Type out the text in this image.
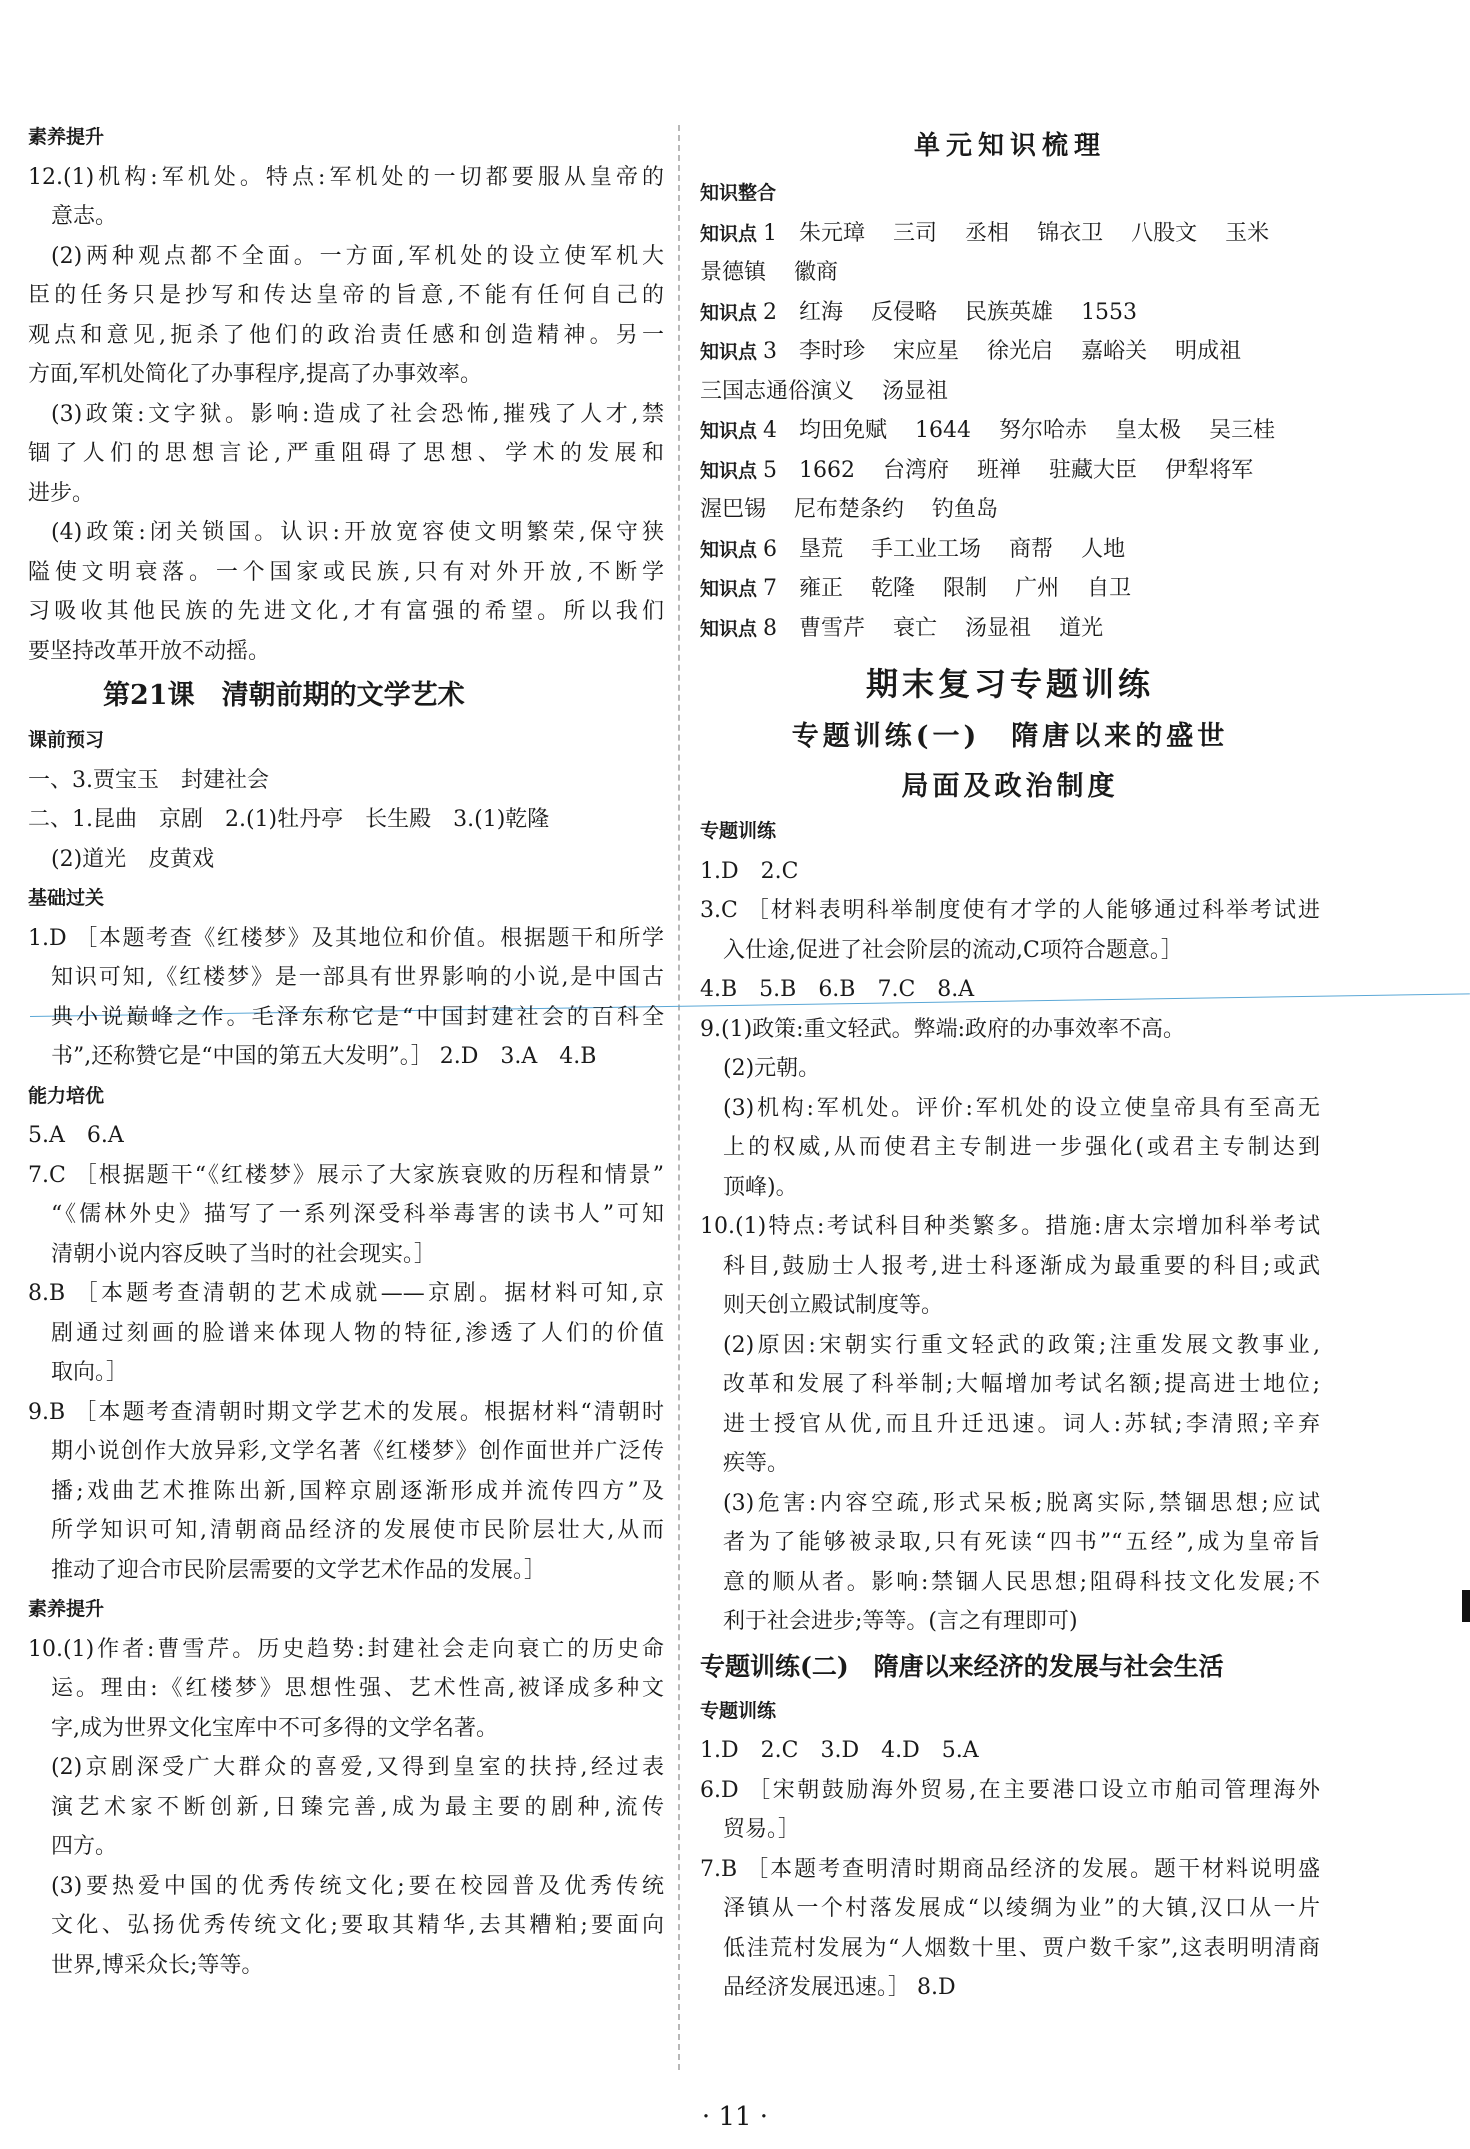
素养提升
12.(1)机构:军机处。特点:军机处的一切都要服从皇帝的
意志。
(2)两种观点都不全面。一方面,军机处的设立使军机大
臣的任务只是抄写和传达皇帝的旨意,不能有任何自己的
观点和意见,扼杀了他们的政治责任感和创造精神。另一
方面,军机处简化了办事程序,提高了办事效率。
(3)政策:文字狱。影响:造成了社会恐怖,摧残了人才,禁
锢了人们的思想言论,严重阻碍了思想、学术的发展和
进步。
(4)政策:闭关锁国。认识:开放宽容使文明繁荣,保守狭
隘使文明衰落。一个国家或民族,只有对外开放,不断学
习吸收其他民族的先进文化,才有富强的希望。所以我们
要坚持改革开放不动摇。
第21课　清朝前期的文学艺术
课前预习
一、3.贾宝玉　封建社会
二、1.昆曲　京剧　2.(1)牡丹亭　长生殿　3.(1)乾隆
(2)道光　皮黄戏
基础过关
1.D ［本题考查《红楼梦》及其地位和价值。根据题干和所学
知识可知,《红楼梦》是一部具有世界影响的小说,是中国古
典小说巅峰之作。毛泽东称它是“中国封建社会的百科全
书”,还称赞它是“中国的第五大发明”。］ 2.D　3.A　4.B
能力培优
5.A　6.A
7.C ［根据题干“《红楼梦》展示了大家族衰败的历程和情景”
“《儒林外史》描写了一系列深受科举毒害的读书人”可知
清朝小说内容反映了当时的社会现实。］
8.B ［本题考查清朝的艺术成就——京剧。据材料可知,京
剧通过刻画的脸谱来体现人物的特征,渗透了人们的价值
取向。］
9.B ［本题考查清朝时期文学艺术的发展。根据材料“清朝时
期小说创作大放异彩,文学名著《红楼梦》创作面世并广泛传
播;戏曲艺术推陈出新,国粹京剧逐渐形成并流传四方”及
所学知识可知,清朝商品经济的发展使市民阶层壮大,从而
推动了迎合市民阶层需要的文学艺术作品的发展。］
素养提升
10.(1)作者:曹雪芹。历史趋势:封建社会走向衰亡的历史命
运。理由:《红楼梦》思想性强、艺术性高,被译成多种文
字,成为世界文化宝库中不可多得的文学名著。
(2)京剧深受广大群众的喜爱,又得到皇室的扶持,经过表
演艺术家不断创新,日臻完善,成为最主要的剧种,流传
四方。
(3)要热爱中国的优秀传统文化;要在校园普及优秀传统
文化、弘扬优秀传统文化;要取其精华,去其糟粕;要面向
世界,博采众长;等等。
单元知识梳理
知识整合
知识点 1 朱元璋 三司 丞相 锦衣卫 八股文 玉米
景德镇 徽商
知识点 2 红海 反侵略 民族英雄 1553
知识点 3 李时珍 宋应星 徐光启 嘉峪关 明成祖
三国志通俗演义 汤显祖
知识点 4 均田免赋 1644 努尔哈赤 皇太极 吴三桂
知识点 5 1662 台湾府 班禅 驻藏大臣 伊犁将军
渥巴锡 尼布楚条约 钓鱼岛
知识点 6 垦荒 手工业工场 商帮 人地
知识点 7 雍正 乾隆 限制 广州 自卫
知识点 8 曹雪芹 衰亡 汤显祖 道光
期末复习专题训练
专题训练(一)　隋唐以来的盛世
局面及政治制度
专题训练
1.D　2.C
3.C ［材料表明科举制度使有才学的人能够通过科举考试进
入仕途,促进了社会阶层的流动,C项符合题意。］
4.B　5.B　6.B　7.C　8.A
9.(1)政策:重文轻武。弊端:政府的办事效率不高。
(2)元朝。
(3)机构:军机处。评价:军机处的设立使皇帝具有至高无
上的权威,从而使君主专制进一步强化(或君主专制达到
顶峰)。
10.(1)特点:考试科目种类繁多。措施:唐太宗增加科举考试
科目,鼓励士人报考,进士科逐渐成为最重要的科目;或武
则天创立殿试制度等。
(2)原因:宋朝实行重文轻武的政策;注重发展文教事业,
改革和发展了科举制;大幅增加考试名额;提高进士地位;
进士授官从优,而且升迁迅速。词人:苏轼;李清照;辛弃
疾等。
(3)危害:内容空疏,形式呆板;脱离实际,禁锢思想;应试
者为了能够被录取,只有死读“四书”“五经”,成为皇帝旨
意的顺从者。影响:禁锢人民思想;阻碍科技文化发展;不
利于社会进步;等等。(言之有理即可)
专题训练(二)　隋唐以来经济的发展与社会生活
专题训练
1.D　2.C　3.D　4.D　5.A
6.D ［宋朝鼓励海外贸易,在主要港口设立市舶司管理海外
贸易。］
7.B ［本题考查明清时期商品经济的发展。题干材料说明盛
泽镇从一个村落发展成“以绫绸为业”的大镇,汉口从一片
低洼荒村发展为“人烟数十里、贾户数千家”,这表明明清商
品经济发展迅速。］ 8.D
· 11 ·
